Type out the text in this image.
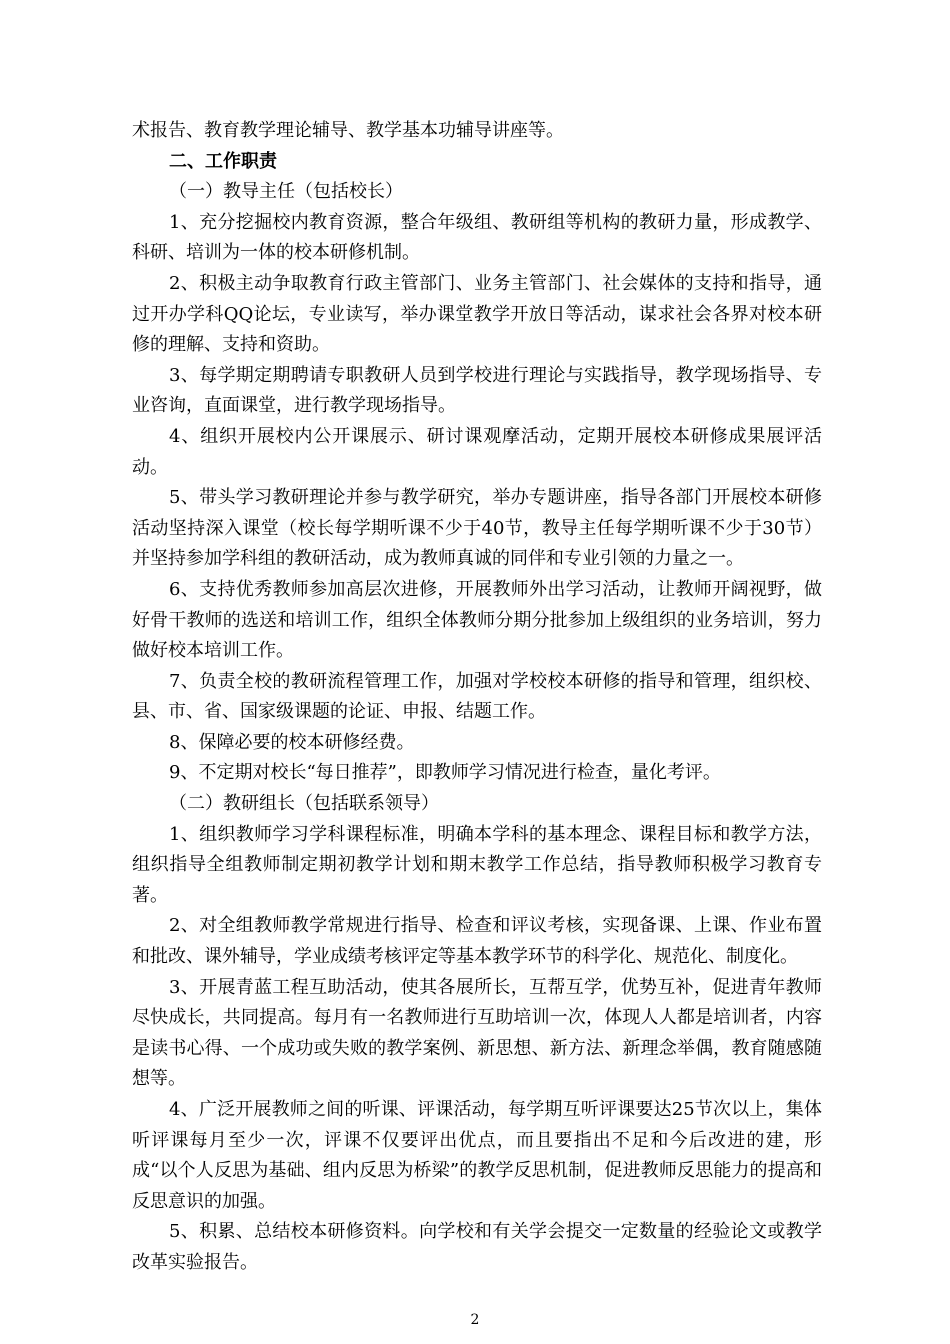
术报告、教育教学理论辅导、教学基本功辅导讲座等。

二、工作职责

（一）教导主任（包括校长）

1、充分挖掘校内教育资源，整合年级组、教研组等机构的教研力量，形成教学、科研、培训为一体的校本研修机制。

2、积极主动争取教育行政主管部门、业务主管部门、社会媒体的支持和指导，通过开办学科QQ论坛，专业读写，举办课堂教学开放日等活动，谋求社会各界对校本研修的理解、支持和资助。

3、每学期定期聘请专职教研人员到学校进行理论与实践指导，教学现场指导、专业咨询，直面课堂，进行教学现场指导。

4、组织开展校内公开课展示、研讨课观摩活动，定期开展校本研修成果展评活动。

5、带头学习教研理论并参与教学研究，举办专题讲座，指导各部门开展校本研修活动坚持深入课堂（校长每学期听课不少于40节，教导主任每学期听课不少于30节）并坚持参加学科组的教研活动，成为教师真诚的同伴和专业引领的力量之一。

6、支持优秀教师参加高层次进修，开展教师外出学习活动，让教师开阔视野，做好骨干教师的选送和培训工作，组织全体教师分期分批参加上级组织的业务培训，努力做好校本培训工作。

7、负责全校的教研流程管理工作，加强对学校校本研修的指导和管理，组织校、县、市、省、国家级课题的论证、申报、结题工作。

8、保障必要的校本研修经费。

9、不定期对校长“每日推荐”，即教师学习情况进行检查，量化考评。

（二）教研组长（包括联系领导）

1、组织教师学习学科课程标准，明确本学科的基本理念、课程目标和教学方法，组织指导全组教师制定期初教学计划和期末教学工作总结，指导教师积极学习教育专著。

2、对全组教师教学常规进行指导、检查和评议考核，实现备课、上课、作业布置和批改、课外辅导，学业成绩考核评定等基本教学环节的科学化、规范化、制度化。

3、开展青蓝工程互助活动，使其各展所长，互帮互学，优势互补，促进青年教师尽快成长，共同提高。每月有一名教师进行互助培训一次，体现人人都是培训者，内容是读书心得、一个成功或失败的教学案例、新思想、新方法、新理念举偶，教育随感随想等。

4、广泛开展教师之间的听课、评课活动，每学期互听评课要达25节次以上，集体听评课每月至少一次，评课不仅要评出优点，而且要指出不足和今后改进的建，形成“以个人反思为基础、组内反思为桥梁”的教学反思机制，促进教师反思能力的提高和反思意识的加强。

5、积累、总结校本研修资料。向学校和有关学会提交一定数量的经验论文或教学改革实验报告。

2
